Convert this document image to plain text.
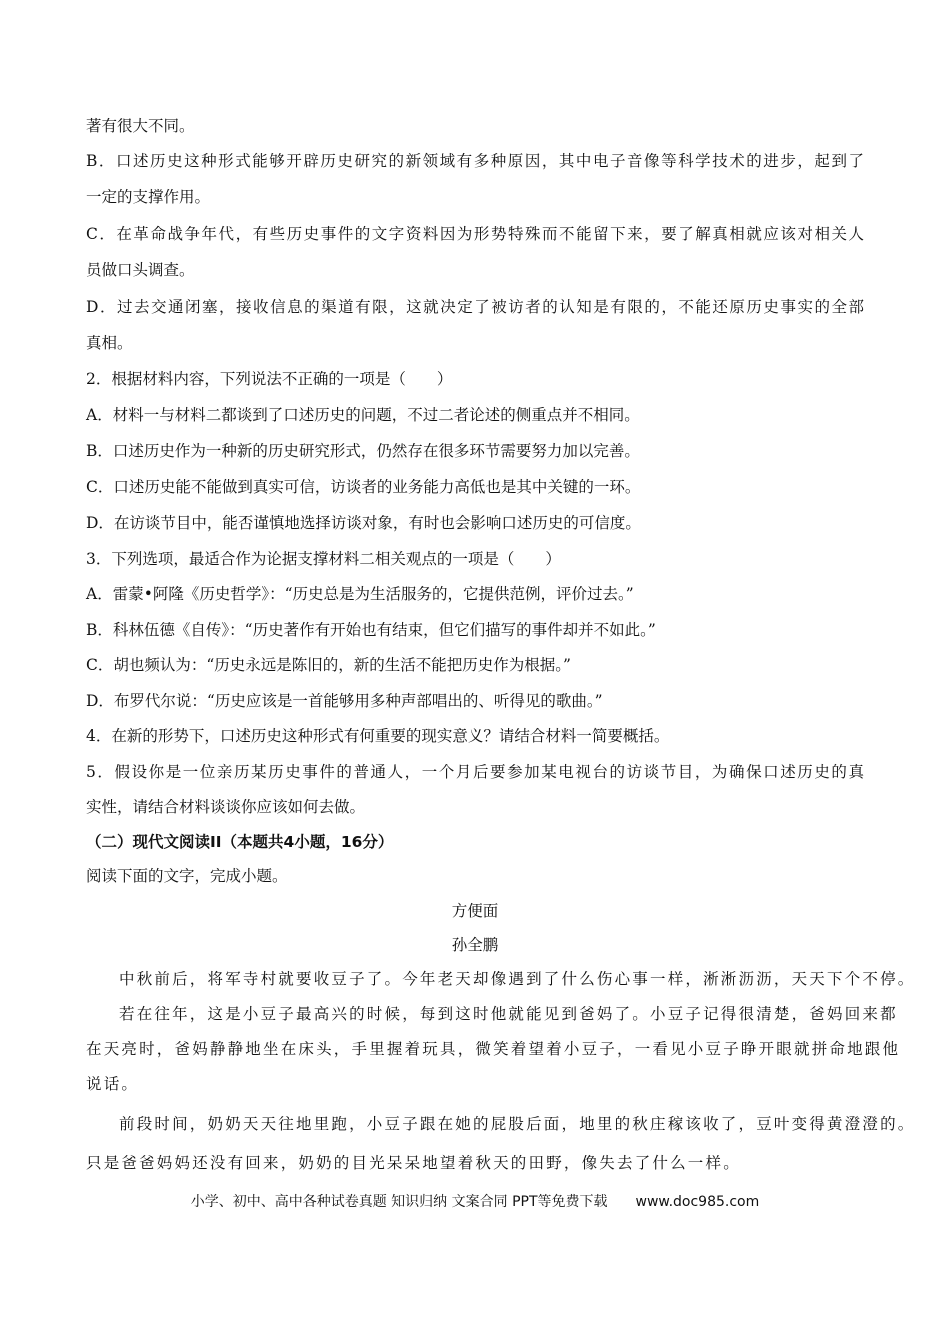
著有很大不同。
B．口述历史这种形式能够开辟历史研究的新领域有多种原因，其中电子音像等科学技术的进步，起到了
一定的支撑作用。
C．在革命战争年代，有些历史事件的文字资料因为形势特殊而不能留下来，要了解真相就应该对相关人
员做口头调查。
D．过去交通闭塞，接收信息的渠道有限，这就决定了被访者的认知是有限的，不能还原历史事实的全部
真相。
2．根据材料内容，下列说法不正确的一项是（　　）
A．材料一与材料二都谈到了口述历史的问题，不过二者论述的侧重点并不相同。
B．口述历史作为一种新的历史研究形式，仍然存在很多环节需要努力加以完善。
C．口述历史能不能做到真实可信，访谈者的业务能力高低也是其中关键的一环。
D．在访谈节目中，能否谨慎地选择访谈对象，有时也会影响口述历史的可信度。
3．下列选项，最适合作为论据支撑材料二相关观点的一项是（　　）
A．雷蒙•阿隆《历史哲学》：“历史总是为生活服务的，它提供范例，评价过去。”
B．科林伍德《自传》：“历史著作有开始也有结束，但它们描写的事件却并不如此。”
C．胡也频认为：“历史永远是陈旧的，新的生活不能把历史作为根据。”
D．布罗代尔说：“历史应该是一首能够用多种声部唱出的、听得见的歌曲。”
4．在新的形势下，口述历史这种形式有何重要的现实意义？请结合材料一简要概括。
5．假设你是一位亲历某历史事件的普通人，一个月后要参加某电视台的访谈节目，为确保口述历史的真
实性，请结合材料谈谈你应该如何去做。
（二）现代文阅读II（本题共4小题，16分）
阅读下面的文字，完成小题。
方便面
孙全鹏
中秋前后，将军寺村就要收豆子了。今年老天却像遇到了什么伤心事一样，淅淅沥沥，天天下个不停。
若在往年，这是小豆子最高兴的时候，每到这时他就能见到爸妈了。小豆子记得很清楚，爸妈回来都
在天亮时，爸妈静静地坐在床头，手里握着玩具，微笑着望着小豆子，一看见小豆子睁开眼就拼命地跟他
说话。
前段时间，奶奶天天往地里跑，小豆子跟在她的屁股后面，地里的秋庄稼该收了，豆叶变得黄澄澄的。
只是爸爸妈妈还没有回来，奶奶的目光呆呆地望着秋天的田野，像失去了什么一样。
小学、初中、高中各种试卷真题 知识归纳 文案合同 PPT等免费下载 www.doc985.com
